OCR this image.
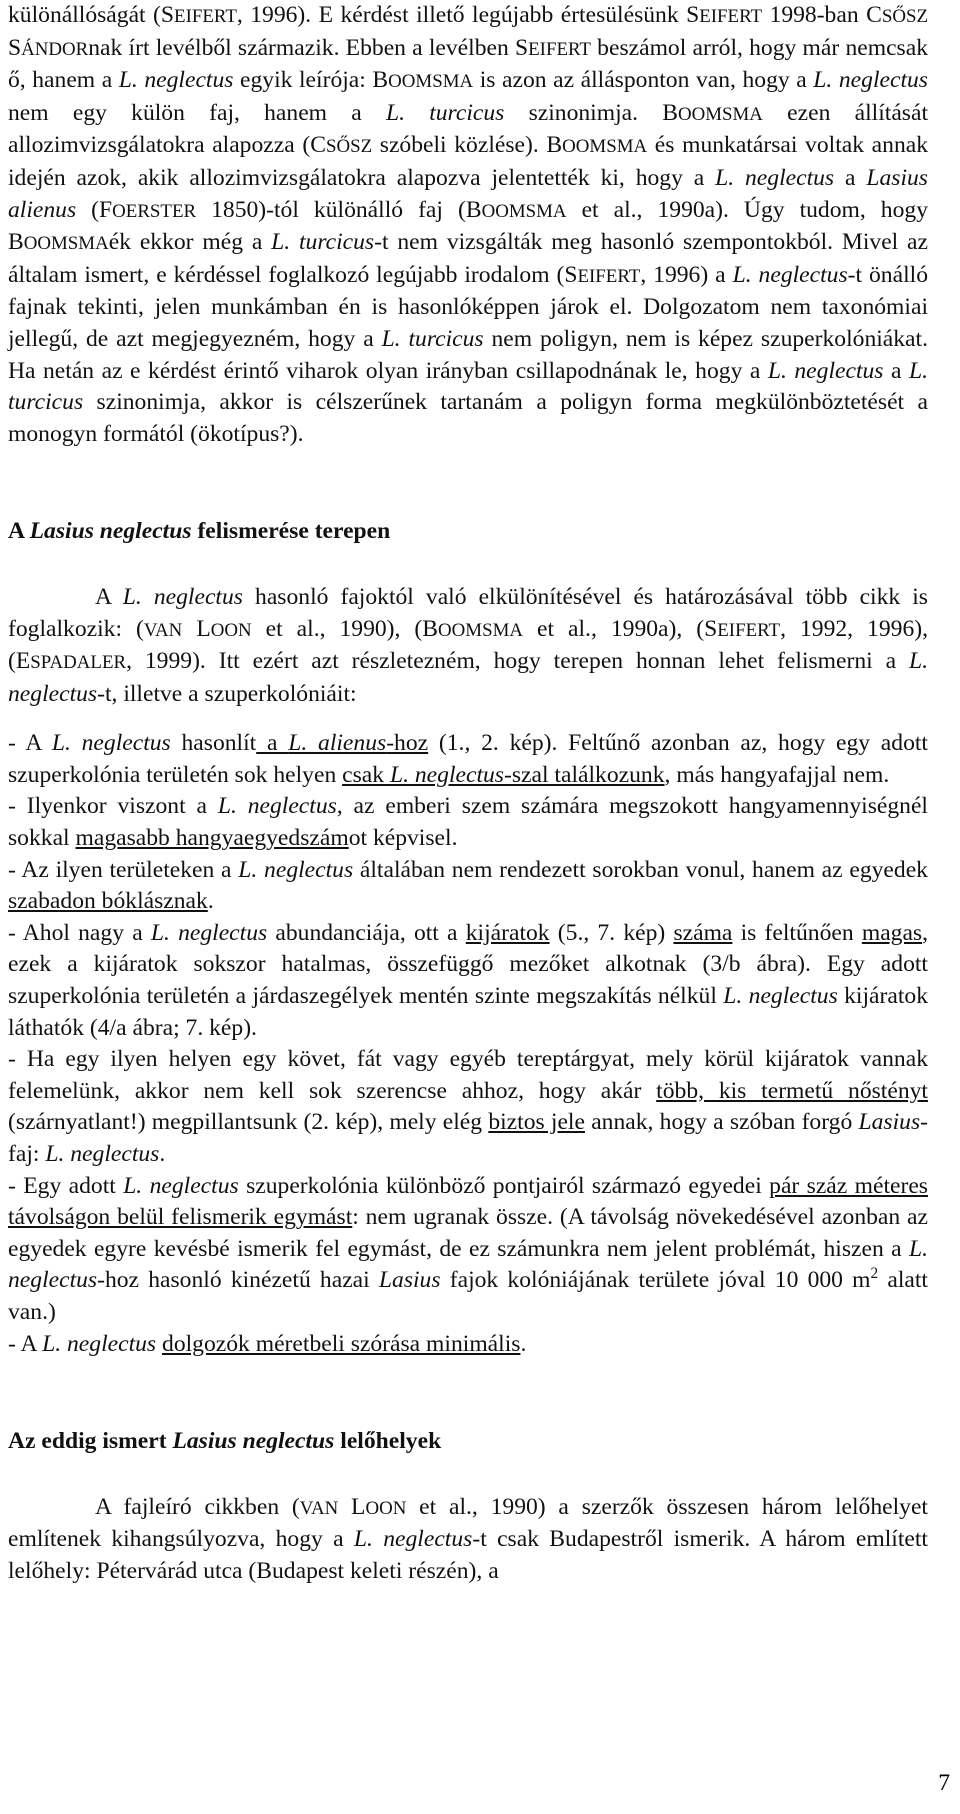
különállóságát (SEIFERT, 1996). E kérdést illető legújabb értesülésünk SEIFERT 1998-ban CSŐSZ SÁNDORnak írt levélből származik. Ebben a levélben SEIFERT beszámol arról, hogy már nemcsak ő, hanem a L. neglectus egyik leírója: BOOMSMA is azon az állásponton van, hogy a L. neglectus nem egy külön faj, hanem a L. turcicus szinonimja. BOOMSMA ezen állítását allozimvizsgálatokra alapozza (CSŐSZ szóbeli közlése). BOOMSMA és munkatársai voltak annak idején azok, akik allozimvizsgálatokra alapozva jelentették ki, hogy a L. neglectus a Lasius alienus (FOERSTER 1850)-tól különálló faj (BOOMSMA et al., 1990a). Úgy tudom, hogy BOOMSMAék ekkor még a L. turcicus-t nem vizsgálták meg hasonló szempontokból. Mivel az általam ismert, e kérdéssel foglalkozó legújabb irodalom (SEIFERT, 1996) a L. neglectus-t önálló fajnak tekinti, jelen munkámban én is hasonlóképpen járok el. Dolgozatom nem taxonómiai jellegű, de azt megjegyezném, hogy a L. turcicus nem poligyn, nem is képez szuperkolóniákat. Ha netán az e kérdést érintő viharok olyan irányban csillapodnának le, hogy a L. neglectus a L. turcicus szinonimja, akkor is célszerűnek tartanám a poligyn forma megkülönböztetését a monogyn formától (ökotípus?).

A Lasius neglectus felismerése terepen

A L. neglectus hasonló fajoktól való elkülönítésével és határozásával több cikk is foglalkozik: (VAN LOON et al., 1990), (BOOMSMA et al., 1990a), (SEIFERT, 1992, 1996), (ESPADALER, 1999). Itt ezért azt részletezném, hogy terepen honnan lehet felismerni a L. neglectus-t, illetve a szuperkolóniáit:

- A L. neglectus hasonlít a L. alienus-hoz (1., 2. kép). Feltűnő azonban az, hogy egy adott szuperkolónia területén sok helyen csak L. neglectus-szal találkozunk, más hangyafajjal nem.

- Ilyenkor viszont a L. neglectus, az emberi szem számára megszokott hangyamennyiségnél sokkal magasabb hangyaegyedszámot képvisel.

- Az ilyen területeken a L. neglectus általában nem rendezett sorokban vonul, hanem az egyedek szabadon bóklásznak.

- Ahol nagy a L. neglectus abundanciája, ott a kijáratok (5., 7. kép) száma is feltűnően magas, ezek a kijáratok sokszor hatalmas, összefüggő mezőket alkotnak (3/b ábra). Egy adott szuperkolónia területén a járdaszegélyek mentén szinte megszakítás nélkül L. neglectus kijáratok láthatók (4/a ábra; 7. kép).

- Ha egy ilyen helyen egy követ, fát vagy egyéb tereptárgyat, mely körül kijáratok vannak felemelünk, akkor nem kell sok szerencse ahhoz, hogy akár több, kis termetű nőstényt (szárnyatlant!) megpillantsunk (2. kép), mely elég biztos jele annak, hogy a szóban forgó Lasius-faj: L. neglectus.

- Egy adott L. neglectus szuperkolónia különböző pontjairól származó egyedei pár száz méteres távolságon belül felismerik egymást: nem ugranak össze. (A távolság növekedésével azonban az egyedek egyre kevésbé ismerik fel egymást, de ez számunkra nem jelent problémát, hiszen a L. neglectus-hoz hasonló kinézetű hazai Lasius fajok kolóniájának területe jóval 10 000 $m^2$ alatt van.)

- A L. neglectus dolgozók méretbeli szórása minimális.

Az eddig ismert Lasius neglectus lelőhelyek

A fajleíró cikkben (VAN LOON et al., 1990) a szerzők összesen három lelőhelyet említenek kihangsúlyozva, hogy a L. neglectus-t csak Budapestről ismerik. A három említett lelőhely: Pétervárád utca (Budapest keleti részén), a

7
